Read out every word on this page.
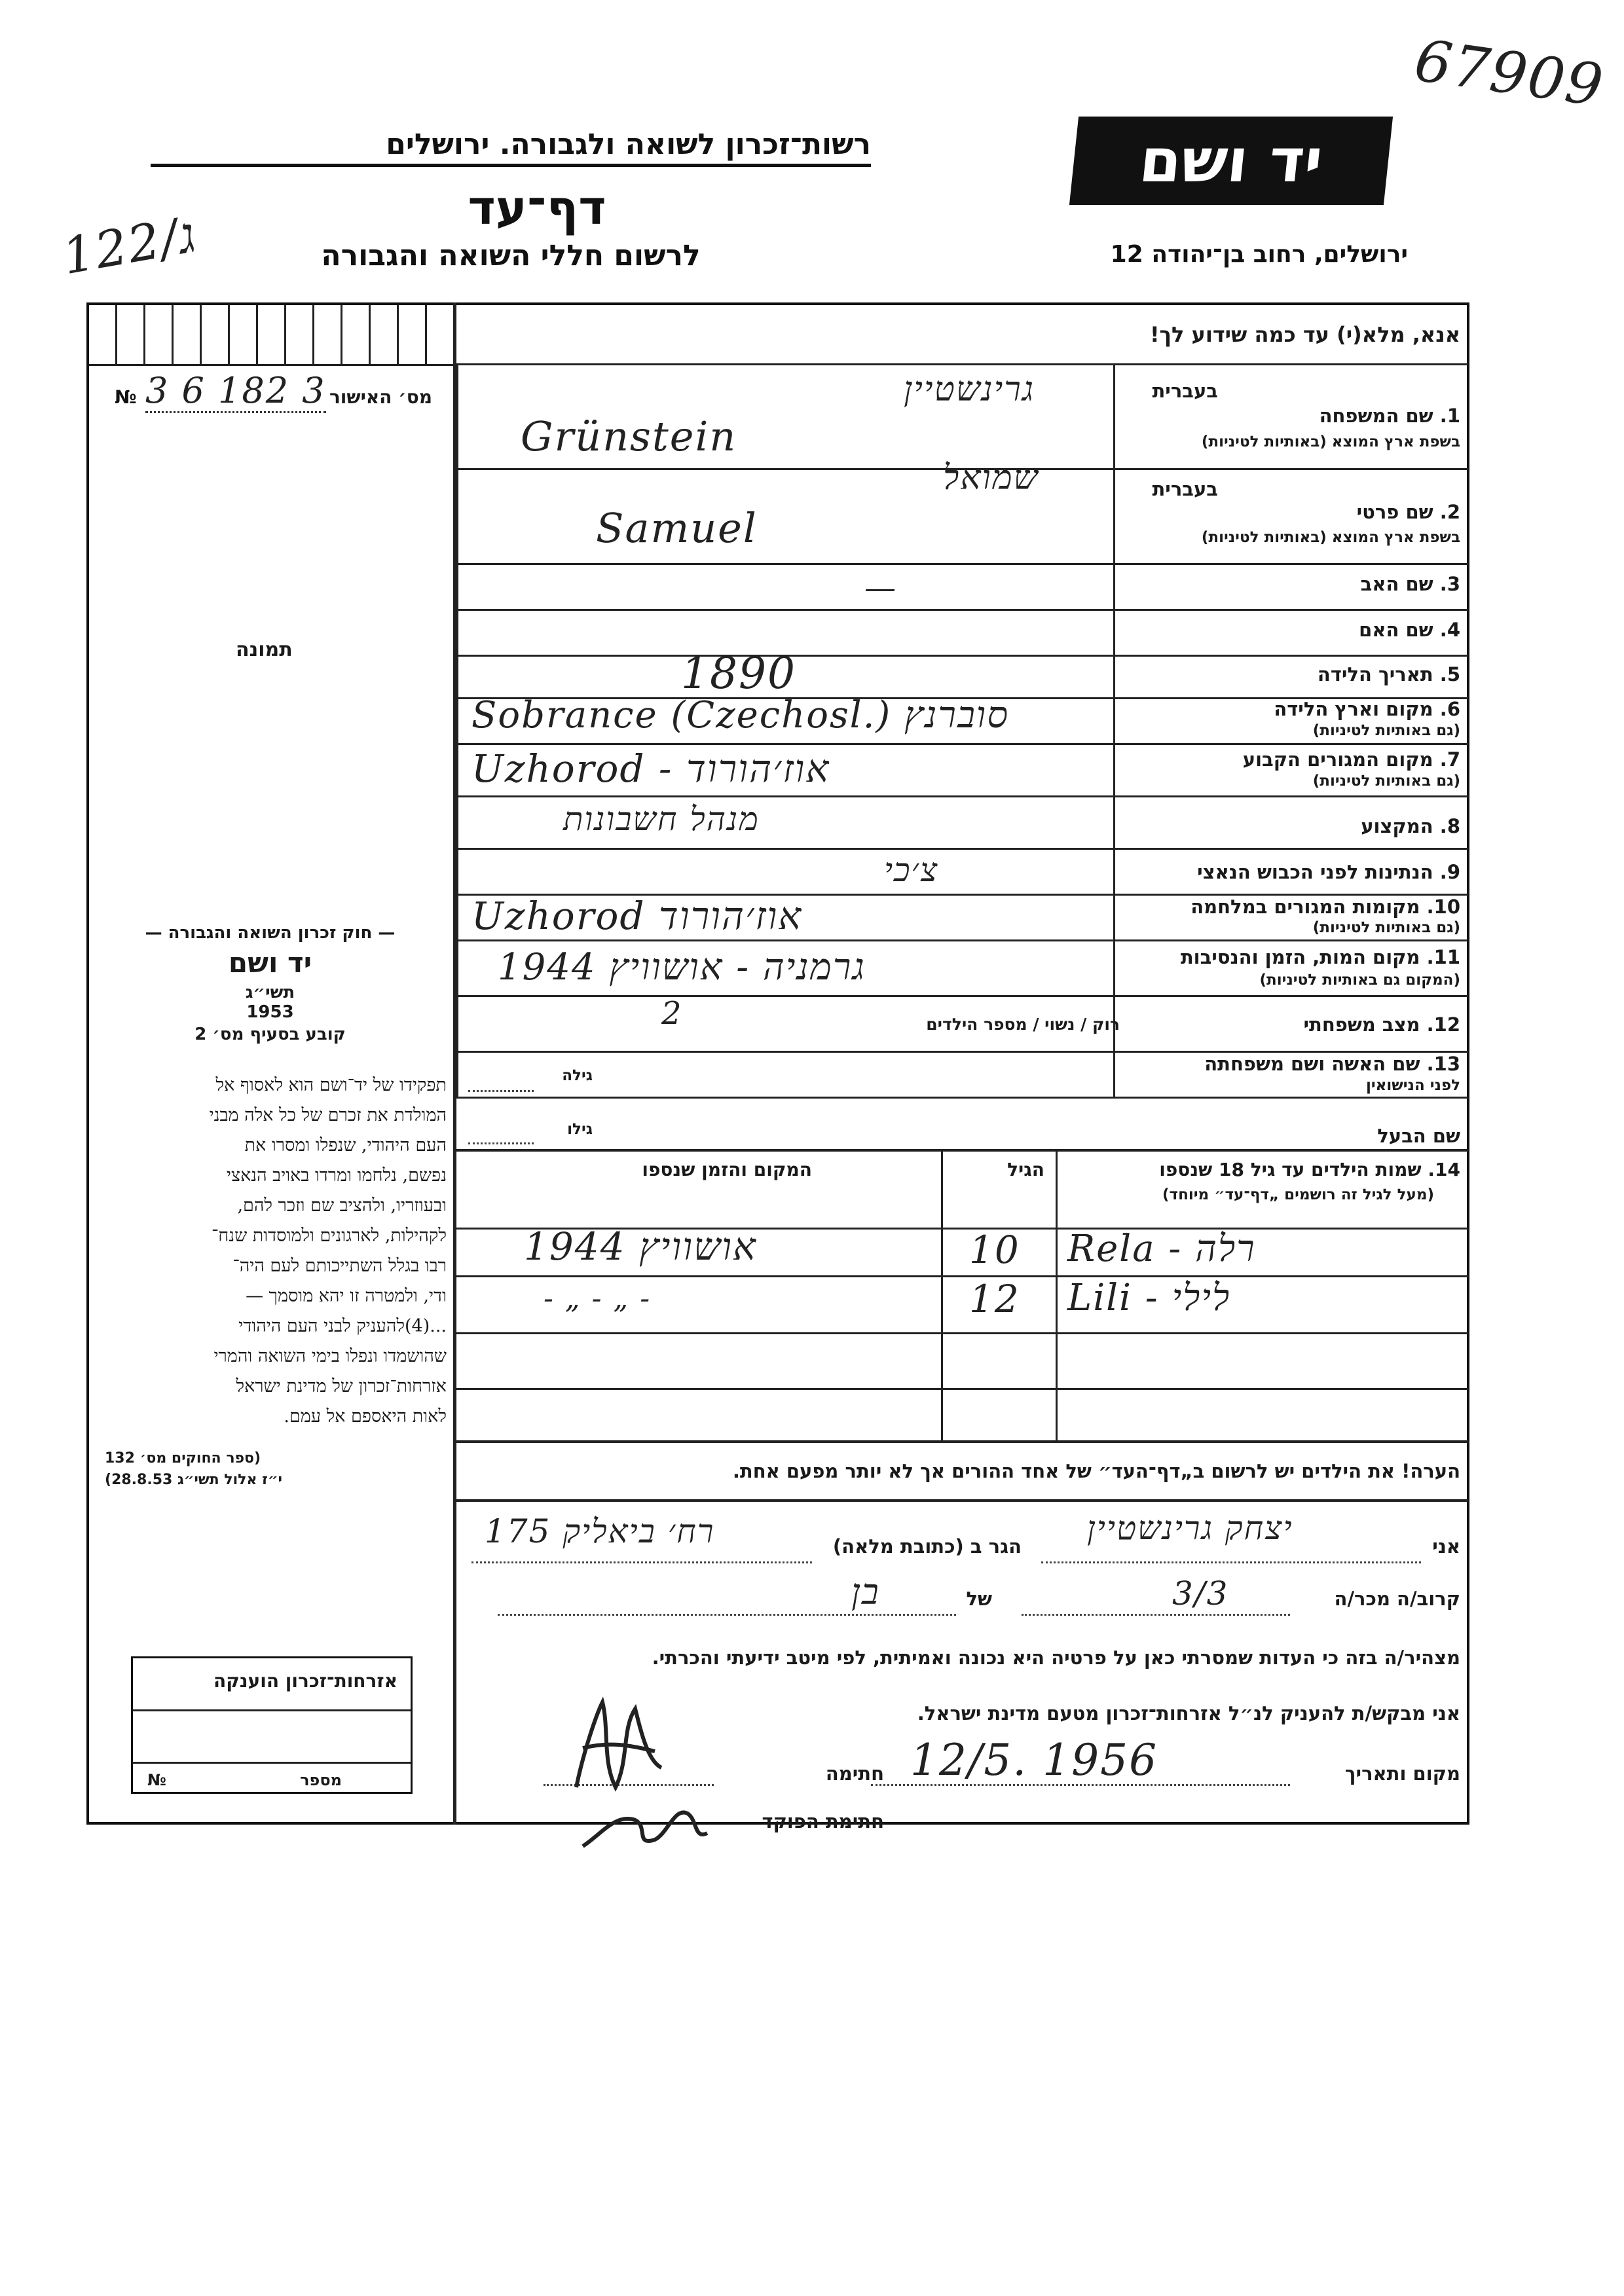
67909
רשות־זכרון לשואה ולגבורה. ירושלים
דף־עד
לרשום חללי השואה והגבורה
122/ג
יד ושם
ירושלים, רחוב בן־יהודה 12
מס׳ האישור
№ 3 6 182 3
תמונה
— חוק זכרון השואה והגבורה —
יד ושם
תשי״ג
1953
קובע בסעיף מס׳ 2
תפקידו של יד־ושם הוא לאסוף אל
המולדת את זכרם של כל אלה מבני
העם היהודי, שנפלו ומסרו את
נפשם, נלחמו ומרדו באויב הנאצי
ובעוזריו, ולהציב שם וזכר להם,
לקהילות, לארגונים ולמוסדות שנח־
רבו בגלל השתייכותם לעם היה־
ודי, ולמטרה זו יהא מוסמך —
...(4)להעניק לבני העם היהודי
שהושמדו ונפלו בימי השואה והמרי
אזרחות־זכרון של מדינת ישראל
לאות היאספם אל עמם.
(ספר החוקים מס׳ 132
י״ז אלול תשי״ג 28.8.53)
אזרחות־זכרון הוענקה
מספר
№
אנא, מלא(י) עד כמה שידוע לך!
בעברית
1. שם המשפחה
בשפת ארץ המוצא (באותיות לטיניות)
בעברית
2. שם פרטי
בשפת ארץ המוצא (באותיות לטיניות)
3. שם האב
4. שם האם
5. תאריך הלידה
6. מקום וארץ הלידה
(גם באותיות לטיניות)
7. מקום המגורים הקבוע
(גם באותיות לטיניות)
8. המקצוע
9. הנתינות לפני הכבוש הנאצי
10. מקומות המגורים במלחמה
(גם באותיות לטיניות)
11. מקום המות, הזמן והנסיבות
(המקום גם באותיות לטיניות)
12. מצב משפחתי
רוק / נשוי / מספר הילדים
2
13. שם האשה ושם משפחתה
לפני הנישואין
גילה
שם הבעל
גילו
גרינשטיין
Grünstein
שמואל
Samuel
—
1890
Sobrance (Czechosl.) סוברנץ
Uzhorod - אוז׳הורוד
מנהל חשבונות
צ׳כי
Uzhorod אוז׳הורוד
1944 גרמניה - אושוויץ
14. שמות הילדים עד גיל 18 שנספו
(מעל לגיל זה רושמים „דף־עד״ מיוחד)
הגיל
המקום והזמן שנספו
Rela - רלה
10
1944 אושוויץ
Lili - לילי
12
- „ - „ -
הערה! את הילדים יש לרשום ב„דף־העד״ של אחד ההורים אך לא יותר מפעם אחת.
אני
יצחק גרינשטיין
הגר ב (כתובת מלאה)
רח׳ ביאליק 175
קרוב/ה מכר/ה
3/3
של
בן
מצהיר/ה בזה כי העדות שמסרתי כאן על פרטיה היא נכונה ואמיתית, לפי מיטב ידיעתי והכרתי.
אני מבקש/ת להעניק לנ״ל אזרחות־זכרון מטעם מדינת ישראל.
מקום ותאריך
12/5. 1956
חתימה
חתימת הפוקד
